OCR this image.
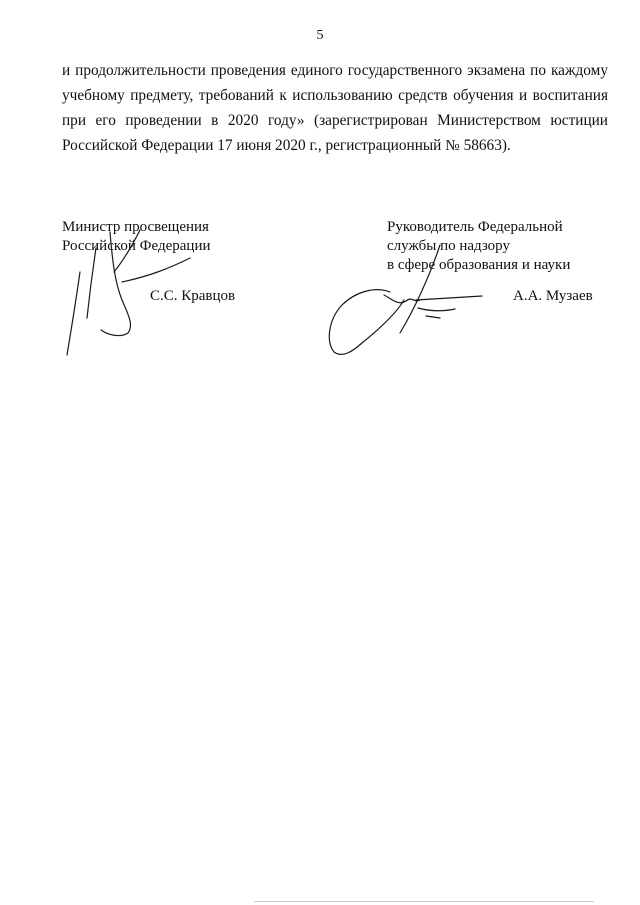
5
и продолжительности проведения единого государственного экзамена по каждому
учебному предмету, требований к использованию средств обучения и воспитания
при его проведении в 2020 году» (зарегистрирован Министерством юстиции
Российской Федерации 17 июня 2020 г., регистрационный № 58663).
Министр просвещения
Российской Федерации
С.С. Кравцов
Руководитель Федеральной
службы по надзору
в сфере образования и науки
А.А. Музаев
